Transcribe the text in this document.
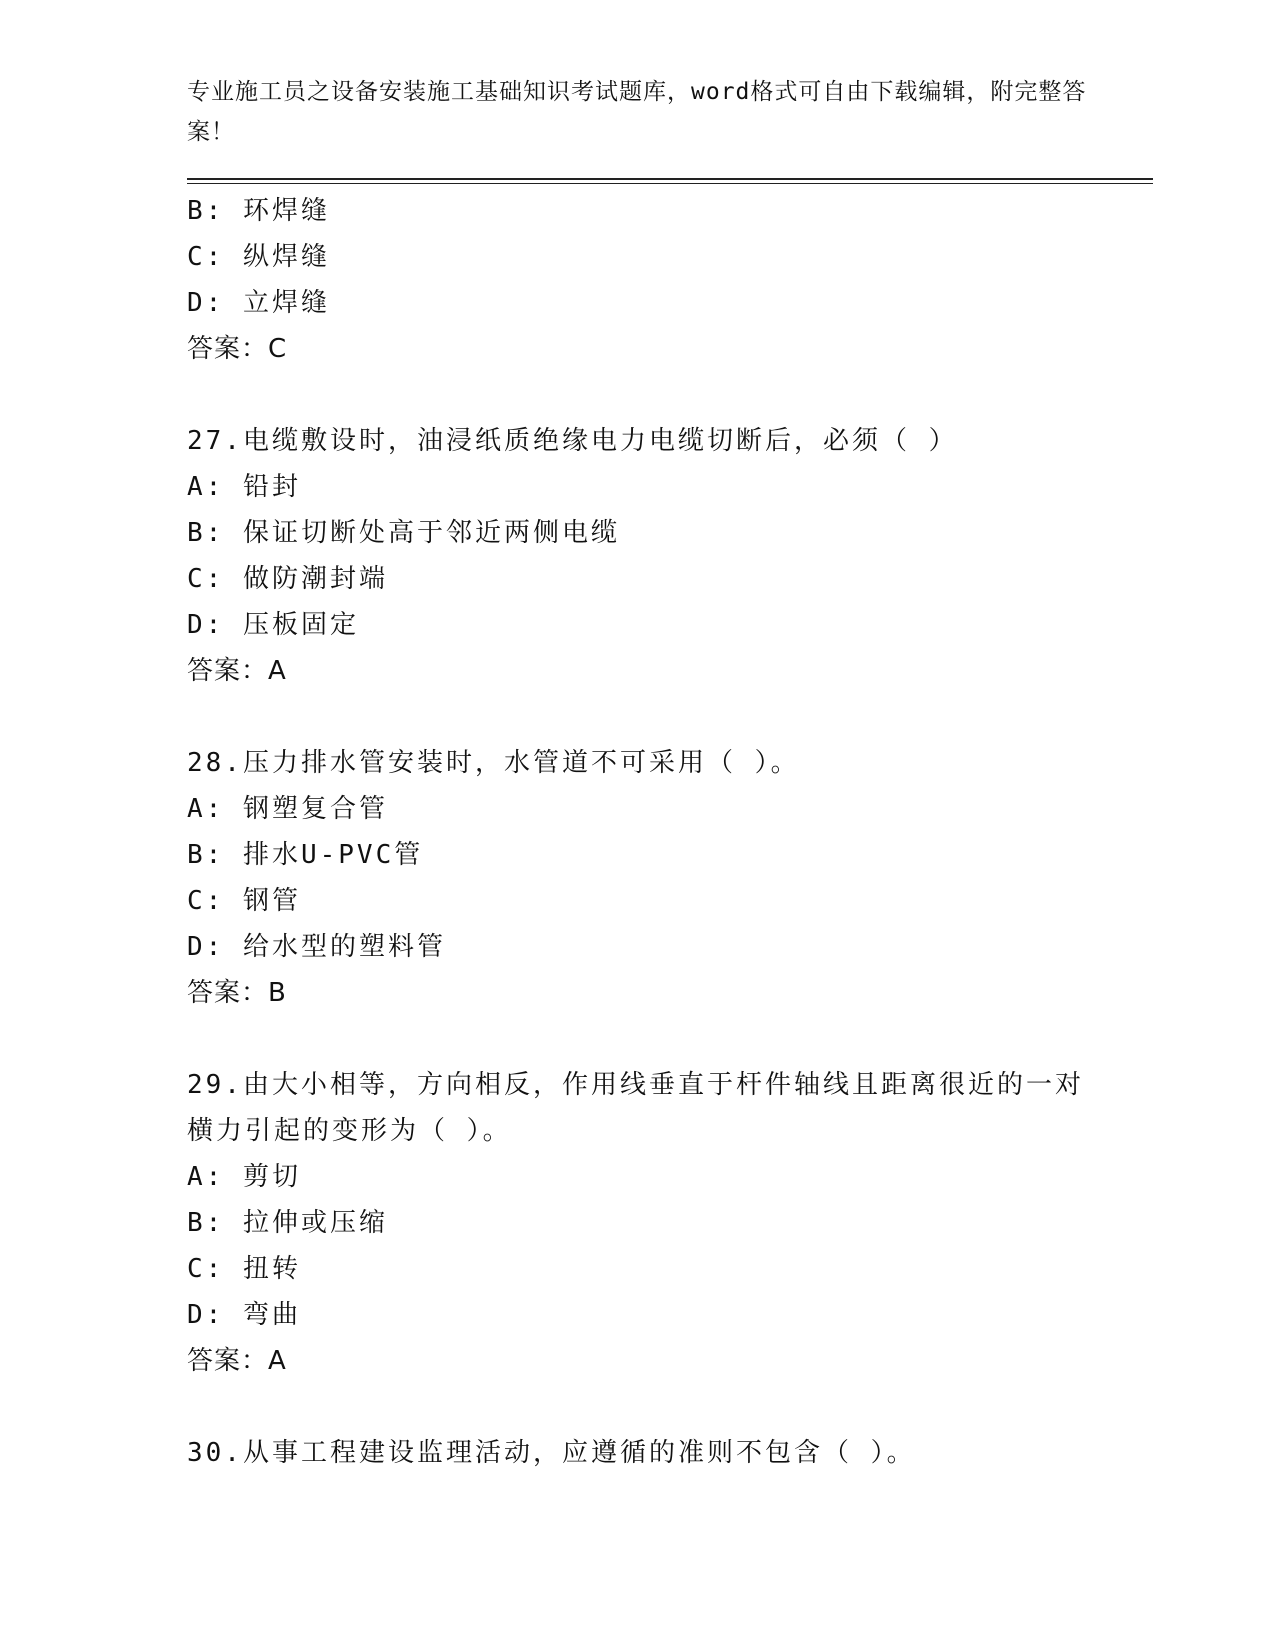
专业施工员之设备安装施工基础知识考试题库，word格式可自由下载编辑，附完整答案！
B: 环焊缝
C: 纵焊缝
D: 立焊缝
答案：C
27.电缆敷设时，油浸纸质绝缘电力电缆切断后，必须（ ）
A: 铅封
B: 保证切断处高于邻近两侧电缆
C: 做防潮封端
D: 压板固定
答案：A
28.压力排水管安装时，水管道不可采用（ ）。
A: 钢塑复合管
B: 排水U-PVC管
C: 钢管
D: 给水型的塑料管
答案：B
29.由大小相等，方向相反，作用线垂直于杆件轴线且距离很近的一对横力引起的变形为（ ）。
A: 剪切
B: 拉伸或压缩
C: 扭转
D: 弯曲
答案：A
30.从事工程建设监理活动，应遵循的准则不包含（ ）。
